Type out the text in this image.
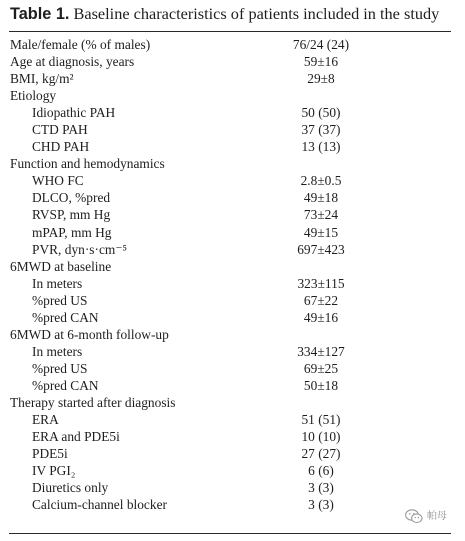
Table 1. Baseline characteristics of patients included in the study
Male/female (% of males)	76/24 (24)
Age at diagnosis, years	59±16
BMI, kg/m²	29±8
Etiology
Idiopathic PAH	50 (50)
CTD PAH	37 (37)
CHD PAH	13 (13)
Function and hemodynamics
WHO FC	2.8±0.5
DLCO, %pred	49±18
RVSP, mm Hg	73±24
mPAP, mm Hg	49±15
PVR, dyn·s·cm⁻⁵	697±423
6MWD at baseline
In meters	323±115
%pred US	67±22
%pred CAN	49±16
6MWD at 6-month follow-up
In meters	334±127
%pred US	69±25
%pred CAN	50±18
Therapy started after diagnosis
ERA	51 (51)
ERA and PDE5i	10 (10)
PDE5i	27 (27)
IV PGI₂	6 (6)
Diuretics only	3 (3)
Calcium-channel blocker	3 (3)
帕母
